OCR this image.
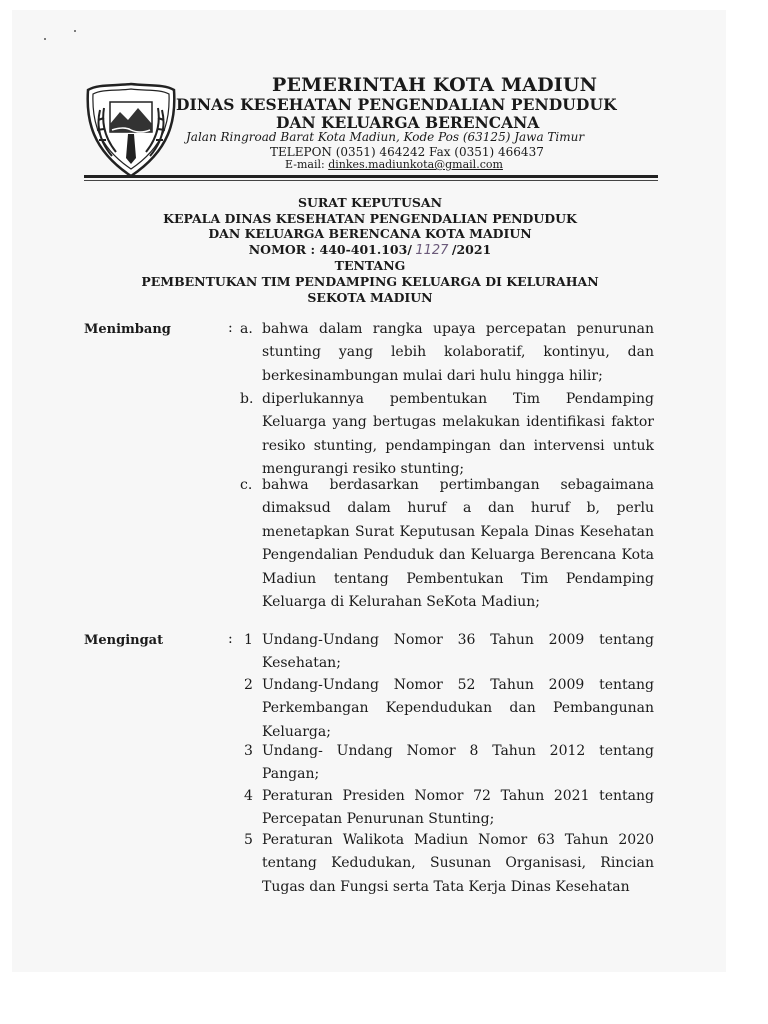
PEMERINTAH KOTA MADIUN
DINAS KESEHATAN PENGENDALIAN PENDUDUK
DAN KELUARGA BERENCANA
Jalan Ringroad Barat Kota Madiun, Kode Pos (63125) Jawa Timur
TELEPON (0351) 464242 Fax (0351) 466437
E-mail: dinkes.madiunkota@gmail.com
SURAT KEPUTUSAN
KEPALA DINAS KESEHATAN PENGENDALIAN PENDUDUK
DAN KELUARGA BERENCANA KOTA MADIUN
NOMOR : 440-401.103/ 1127 /2021
TENTANG
PEMBENTUKAN TIM PENDAMPING KELUARGA DI KELURAHAN
SEKOTA MADIUN
Menimbang	: a. bahwa dalam rangka upaya percepatan penurunan stunting yang lebih kolaboratif, kontinyu, dan berkesinambungan mulai dari hulu hingga hilir;
b. diperlukannya pembentukan Tim Pendamping Keluarga yang bertugas melakukan identifikasi faktor resiko stunting, pendampingan dan intervensi untuk mengurangi resiko stunting;
c. bahwa berdasarkan pertimbangan sebagaimana dimaksud dalam huruf a dan huruf b, perlu menetapkan Surat Keputusan Kepala Dinas Kesehatan Pengendalian Penduduk dan Keluarga Berencana Kota Madiun tentang Pembentukan Tim Pendamping Keluarga di Kelurahan SeKota Madiun;
Mengingat	: 1 Undang-Undang Nomor 36 Tahun 2009 tentang Kesehatan;
2 Undang-Undang Nomor 52 Tahun 2009 tentang Perkembangan Kependudukan dan Pembangunan Keluarga;
3 Undang- Undang Nomor 8 Tahun 2012 tentang Pangan;
4 Peraturan Presiden Nomor 72 Tahun 2021 tentang Percepatan Penurunan Stunting;
5 Peraturan Walikota Madiun Nomor 63 Tahun 2020 tentang Kedudukan, Susunan Organisasi, Rincian Tugas dan Fungsi serta Tata Kerja Dinas Kesehatan
